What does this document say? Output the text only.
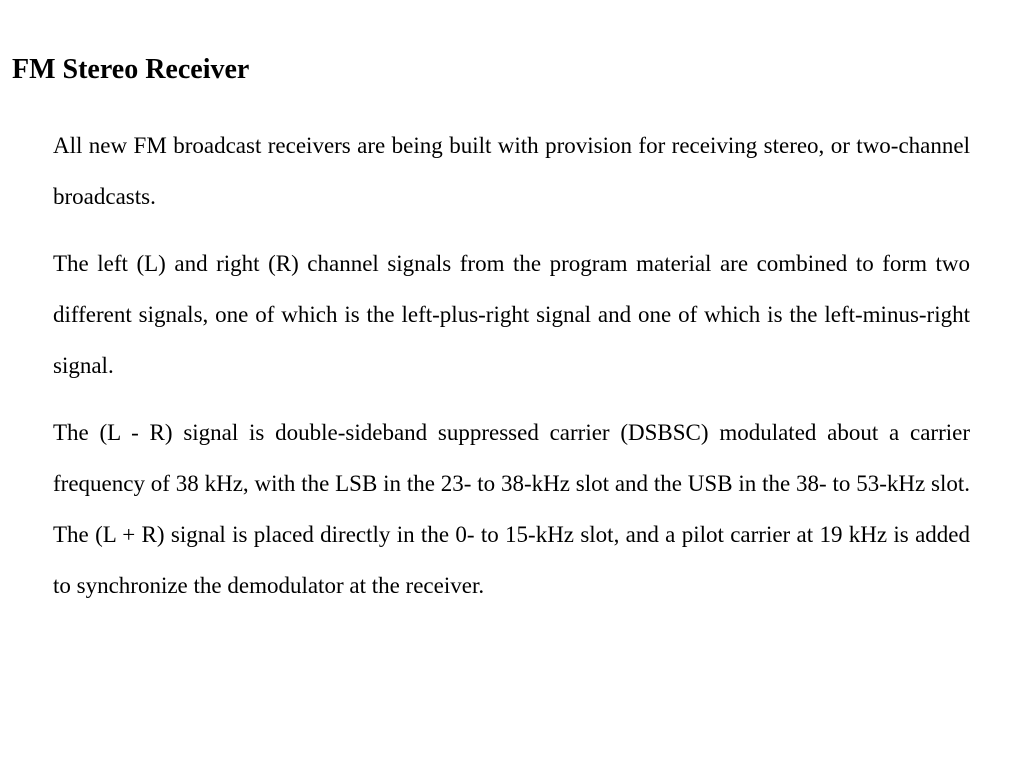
FM Stereo Receiver

All new FM broadcast receivers are being built with provision for receiving stereo, or two-channel broadcasts.

The left (L) and right (R) channel signals from the program material are combined to form two different signals, one of which is the left-plus-right signal and one of which is the left-minus-right signal.

The (L - R) signal is double-sideband suppressed carrier (DSBSC) modulated about a carrier frequency of 38 kHz, with the LSB in the 23- to 38-kHz slot and the USB in the 38- to 53-kHz slot. The (L + R) signal is placed directly in the 0- to 15-kHz slot, and a pilot carrier at 19 kHz is added to synchronize the demodulator at the receiver.
